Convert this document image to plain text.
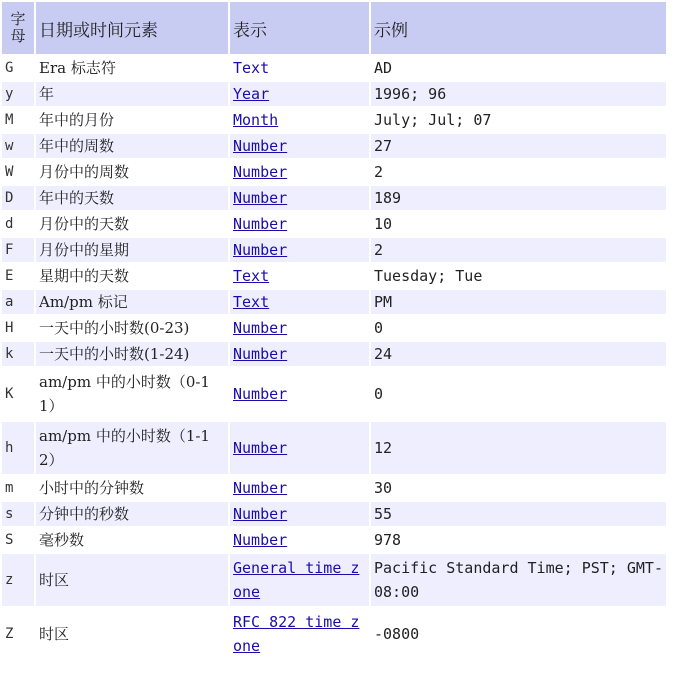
字母	日期或时间元素	表示	示例
G	Era 标志符	Text	AD
y	年	Year	1996; 96
M	年中的月份	Month	July; Jul; 07
w	年中的周数	Number	27
W	月份中的周数	Number	2
D	年中的天数	Number	189
d	月份中的天数	Number	10
F	月份中的星期	Number	2
E	星期中的天数	Text	Tuesday; Tue
a	Am/pm 标记	Text	PM
H	一天中的小时数(0-23)	Number	0
k	一天中的小时数(1-24)	Number	24
K	am/pm 中的小时数（0-11）	Number	0
h	am/pm 中的小时数（1-12）	Number	12
m	小时中的分钟数	Number	30
s	分钟中的秒数	Number	55
S	毫秒数	Number	978
z	时区	General time zone	Pacific Standard Time; PST; GMT-08:00
Z	时区	RFC 822 time zone	-0800
